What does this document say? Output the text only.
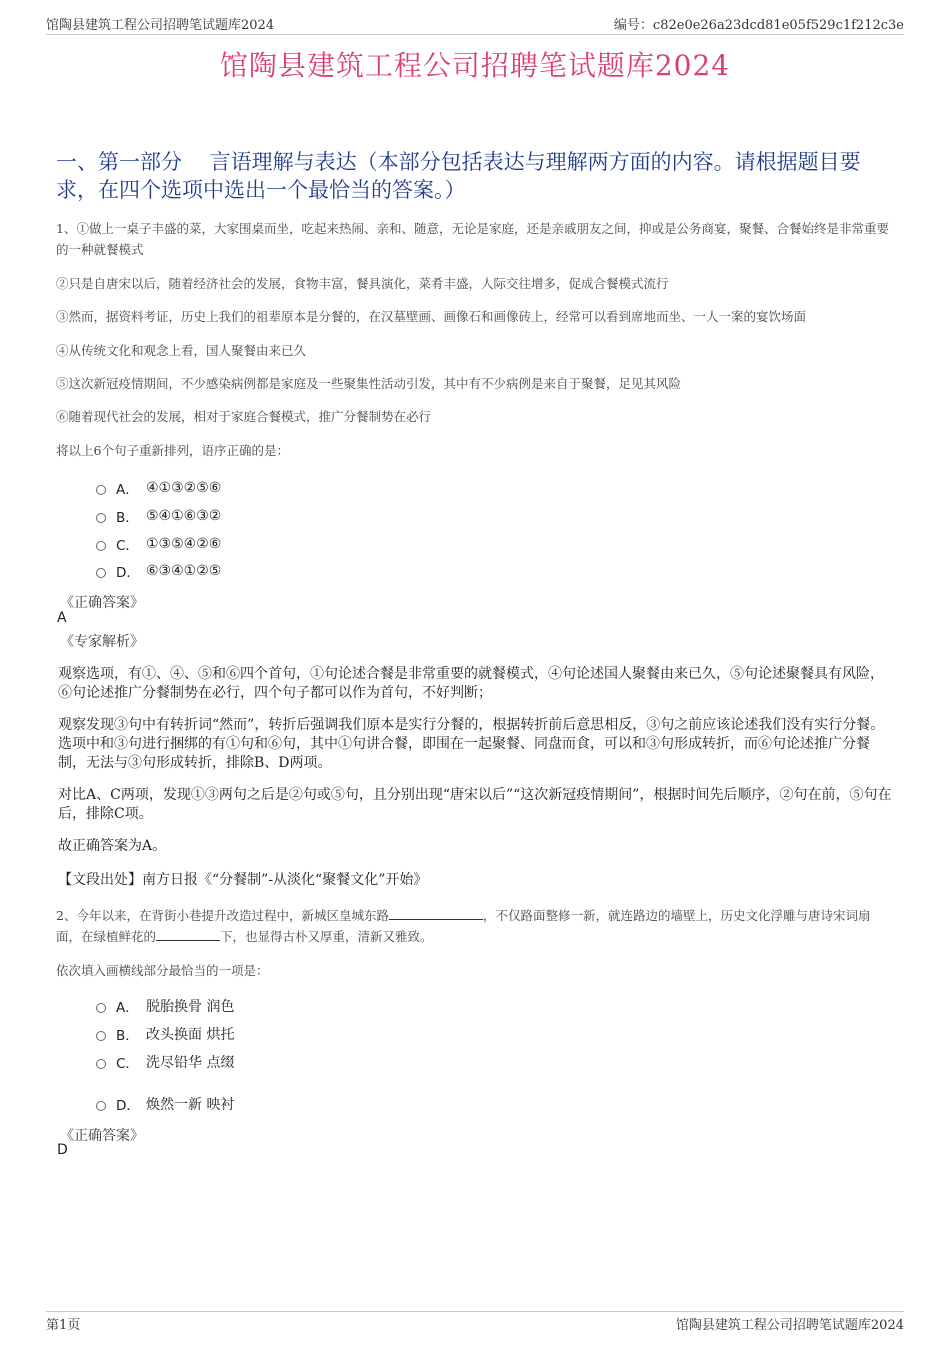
馆陶县建筑工程公司招聘笔试题库2024	编号：c82e0e26a23dcd81e05f529c1f212c3e
馆陶县建筑工程公司招聘笔试题库2024
一、第一部分　 言语理解与表达（本部分包括表达与理解两方面的内容。请根据题目要求，在四个选项中选出一个最恰当的答案。）
1、①做上一桌子丰盛的菜，大家围桌而坐，吃起来热闹、亲和、随意，无论是家庭，还是亲戚朋友之间，抑或是公务商宴，聚餐、合餐始终是非常重要的一种就餐模式
②只是自唐宋以后，随着经济社会的发展，食物丰富，餐具演化，菜肴丰盛，人际交往增多，促成合餐模式流行
③然而，据资料考证，历史上我们的祖辈原本是分餐的，在汉墓壁画、画像石和画像砖上，经常可以看到席地而坐、一人一案的宴饮场面
④从传统文化和观念上看，国人聚餐由来已久
⑤这次新冠疫情期间，不少感染病例都是家庭及一些聚集性活动引发，其中有不少病例是来自于聚餐，足见其风险
⑥随着现代社会的发展，相对于家庭合餐模式，推广分餐制势在必行
将以上6个句子重新排列，语序正确的是：
A． ④①③②⑤⑥
B． ⑤④①⑥③②
C． ①③⑤④②⑥
D． ⑥③④①②⑤
《正确答案》
A
《专家解析》
观察选项，有①、④、⑤和⑥四个首句，①句论述合餐是非常重要的就餐模式，④句论述国人聚餐由来已久，⑤句论述聚餐具有风险，⑥句论述推广分餐制势在必行，四个句子都可以作为首句，不好判断；
观察发现③句中有转折词“然而”，转折后强调我们原本是实行分餐的，根据转折前后意思相反，③句之前应该论述我们没有实行分餐。选项中和③句进行捆绑的有①句和⑥句，其中①句讲合餐，即围在一起聚餐、同盘而食，可以和③句形成转折，而⑥句论述推广分餐制，无法与③句形成转折，排除B、D两项。
对比A、C两项，发现①③两句之后是②句或⑤句，且分别出现“唐宋以后”“这次新冠疫情期间”，根据时间先后顺序，②句在前，⑤句在后，排除C项。
故正确答案为A。
【文段出处】南方日报《“分餐制”-从淡化“聚餐文化”开始》
2、今年以来，在背街小巷提升改造过程中，新城区皇城东路	，不仅路面整修一新，就连路边的墙壁上，历史文化浮雕与唐诗宋词扇面，在绿植鲜花的	下，也显得古朴又厚重，清新又雅致。
依次填入画横线部分最恰当的一项是：
A． 脱胎换骨 润色
B． 改头换面 烘托
C． 洗尽铅华 点缀
D． 焕然一新 映衬
《正确答案》
D
第1页	馆陶县建筑工程公司招聘笔试题库2024
